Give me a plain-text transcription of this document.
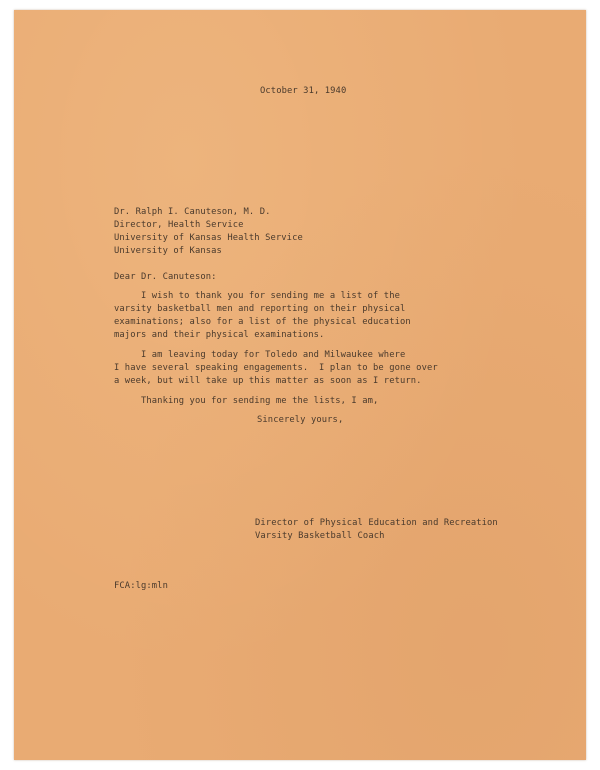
October 31, 1940

Dr. Ralph I. Canuteson, M. D.

Director, Health Service

University of Kansas Health Service

University of Kansas

Dear Dr. Canuteson:

I wish to thank you for sending me a list of the

varsity basketball men and reporting on their physical

examinations; also for a list of the physical education

majors and their physical examinations.

I am leaving today for Toledo and Milwaukee where

I have several speaking engagements.  I plan to be gone over

a week, but will take up this matter as soon as I return.

Thanking you for sending me the lists, I am,

Sincerely yours,

Director of Physical Education and Recreation

Varsity Basketball Coach

FCA:lg:mln
